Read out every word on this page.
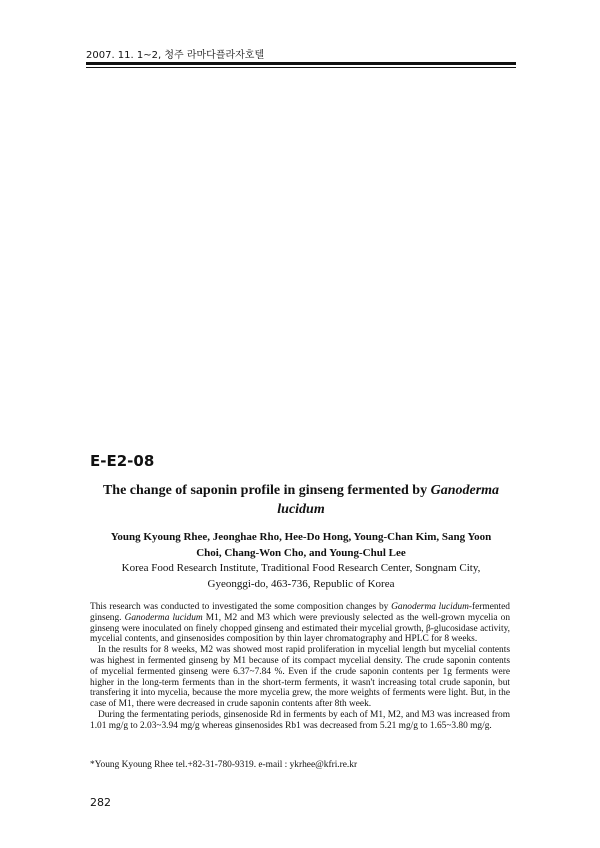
2007. 11. 1~2, 청주 라마다플라자호텔
E-E2-08
The change of saponin profile in ginseng fermented by Ganoderma lucidum
Young Kyoung Rhee, Jeonghae Rho, Hee-Do Hong, Young-Chan Kim, Sang Yoon
Choi, Chang-Won Cho, and Young-Chul Lee
Korea Food Research Institute, Traditional Food Research Center, Songnam City,
Gyeonggi-do, 463-736, Republic of Korea

This research was conducted to investigated the some composition changes by Ganoderma lucidum-fermented ginseng. Ganoderma lucidum M1, M2 and M3 which were previously selected as the well-grown mycelia on ginseng were inoculated on finely chopped ginseng and estimated their mycelial growth, β-glucosidase activity, mycelial contents, and ginsenosides composition by thin layer chromatography and HPLC for 8 weeks.

In the results for 8 weeks, M2 was showed most rapid proliferation in mycelial length but mycelial contents was highest in fermented ginseng by M1 because of its compact mycelial density. The crude saponin contents of mycelial fermented ginseng were 6.37~7.84 %. Even if the crude saponin contents per 1g ferments were higher in the long-term ferments than in the short-term ferments, it wasn't increasing total crude saponin, but transfering it into mycelia, because the more mycelia grew, the more weights of ferments were light. But, in the case of M1, there were decreased in crude saponin contents after 8th week.

During the fermentating periods, ginsenoside Rd in ferments by each of M1, M2, and M3 was increased from 1.01 mg/g to 2.03~3.94 mg/g whereas ginsenosides Rb1 was decreased from 5.21 mg/g to 1.65~3.80 mg/g.

*Young Kyoung Rhee tel.+82-31-780-9319. e-mail : ykrhee@kfri.re.kr
282
